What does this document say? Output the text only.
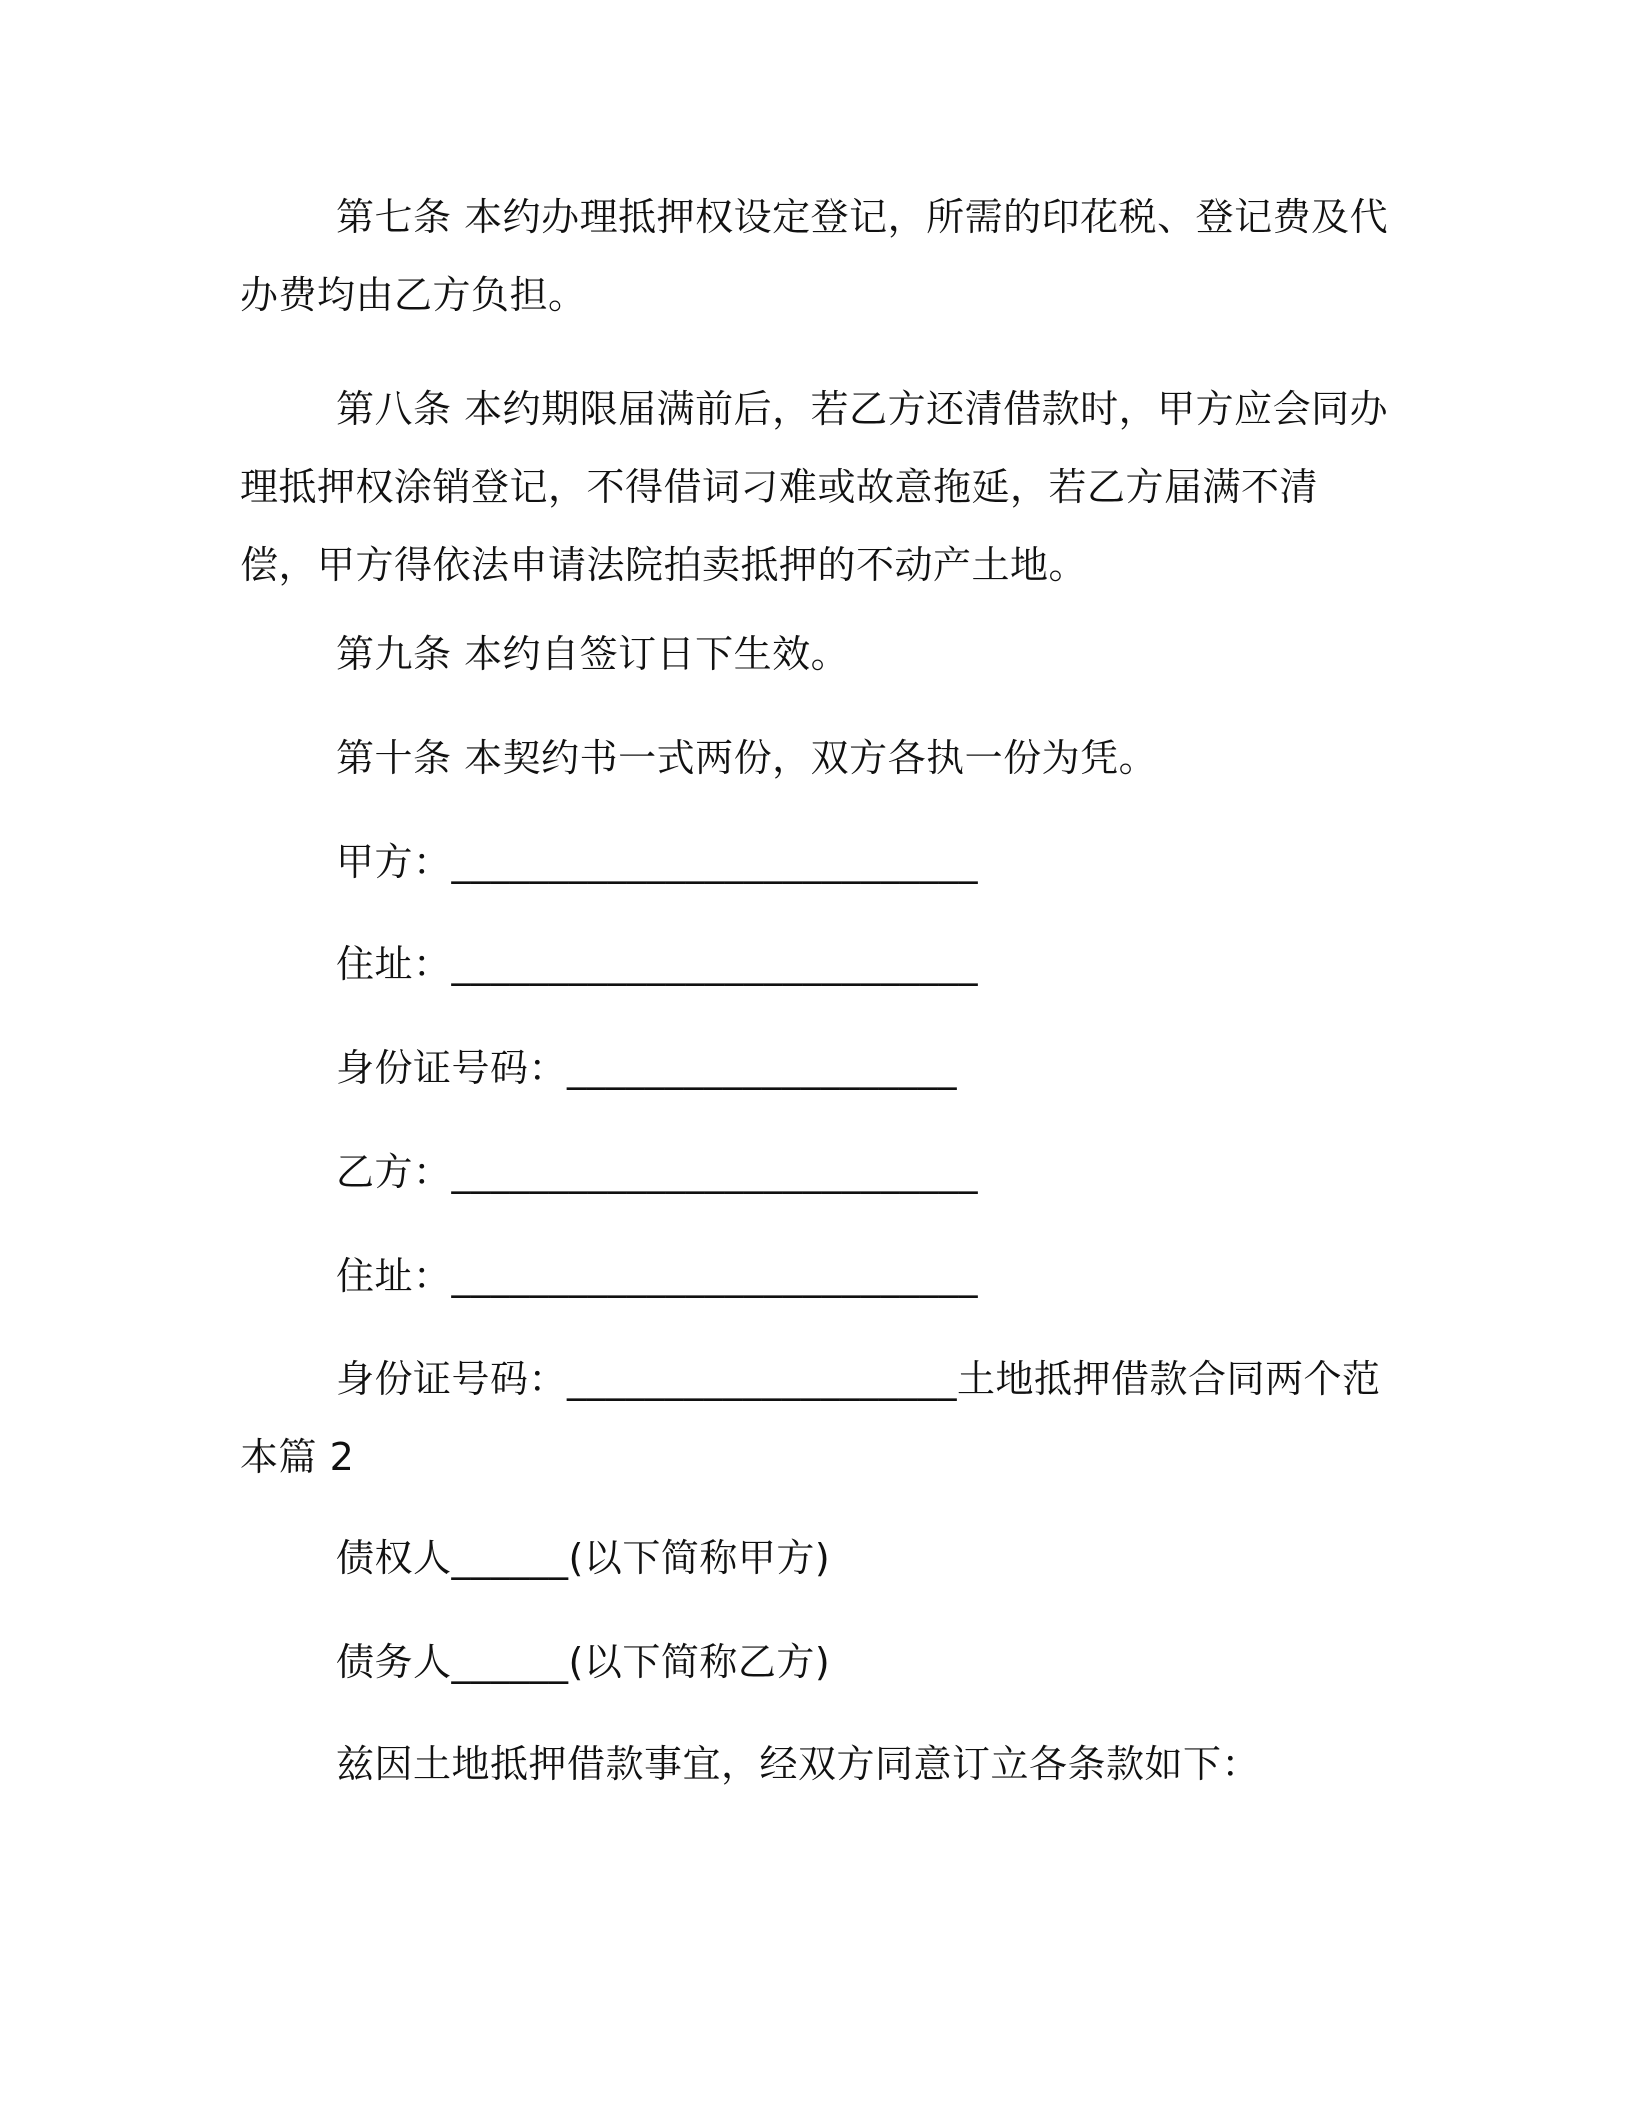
第七条 本约办理抵押权设定登记，所需的印花税、登记费及代办费均由乙方负担。

第八条 本约期限届满前后，若乙方还清借款时，甲方应会同办理抵押权涂销登记，不得借词刁难或故意拖延，若乙方届满不清偿，甲方得依法申请法院拍卖抵押的不动产土地。

第九条 本约自签订日下生效。

第十条 本契约书一式两份，双方各执一份为凭。

甲方：___________________________

住址：___________________________

身份证号码：____________________

乙方：___________________________

住址：___________________________

身份证号码：____________________土地抵押借款合同两个范本篇 2

债权人______(以下简称甲方)

债务人______(以下简称乙方)

兹因土地抵押借款事宜，经双方同意订立各条款如下：
